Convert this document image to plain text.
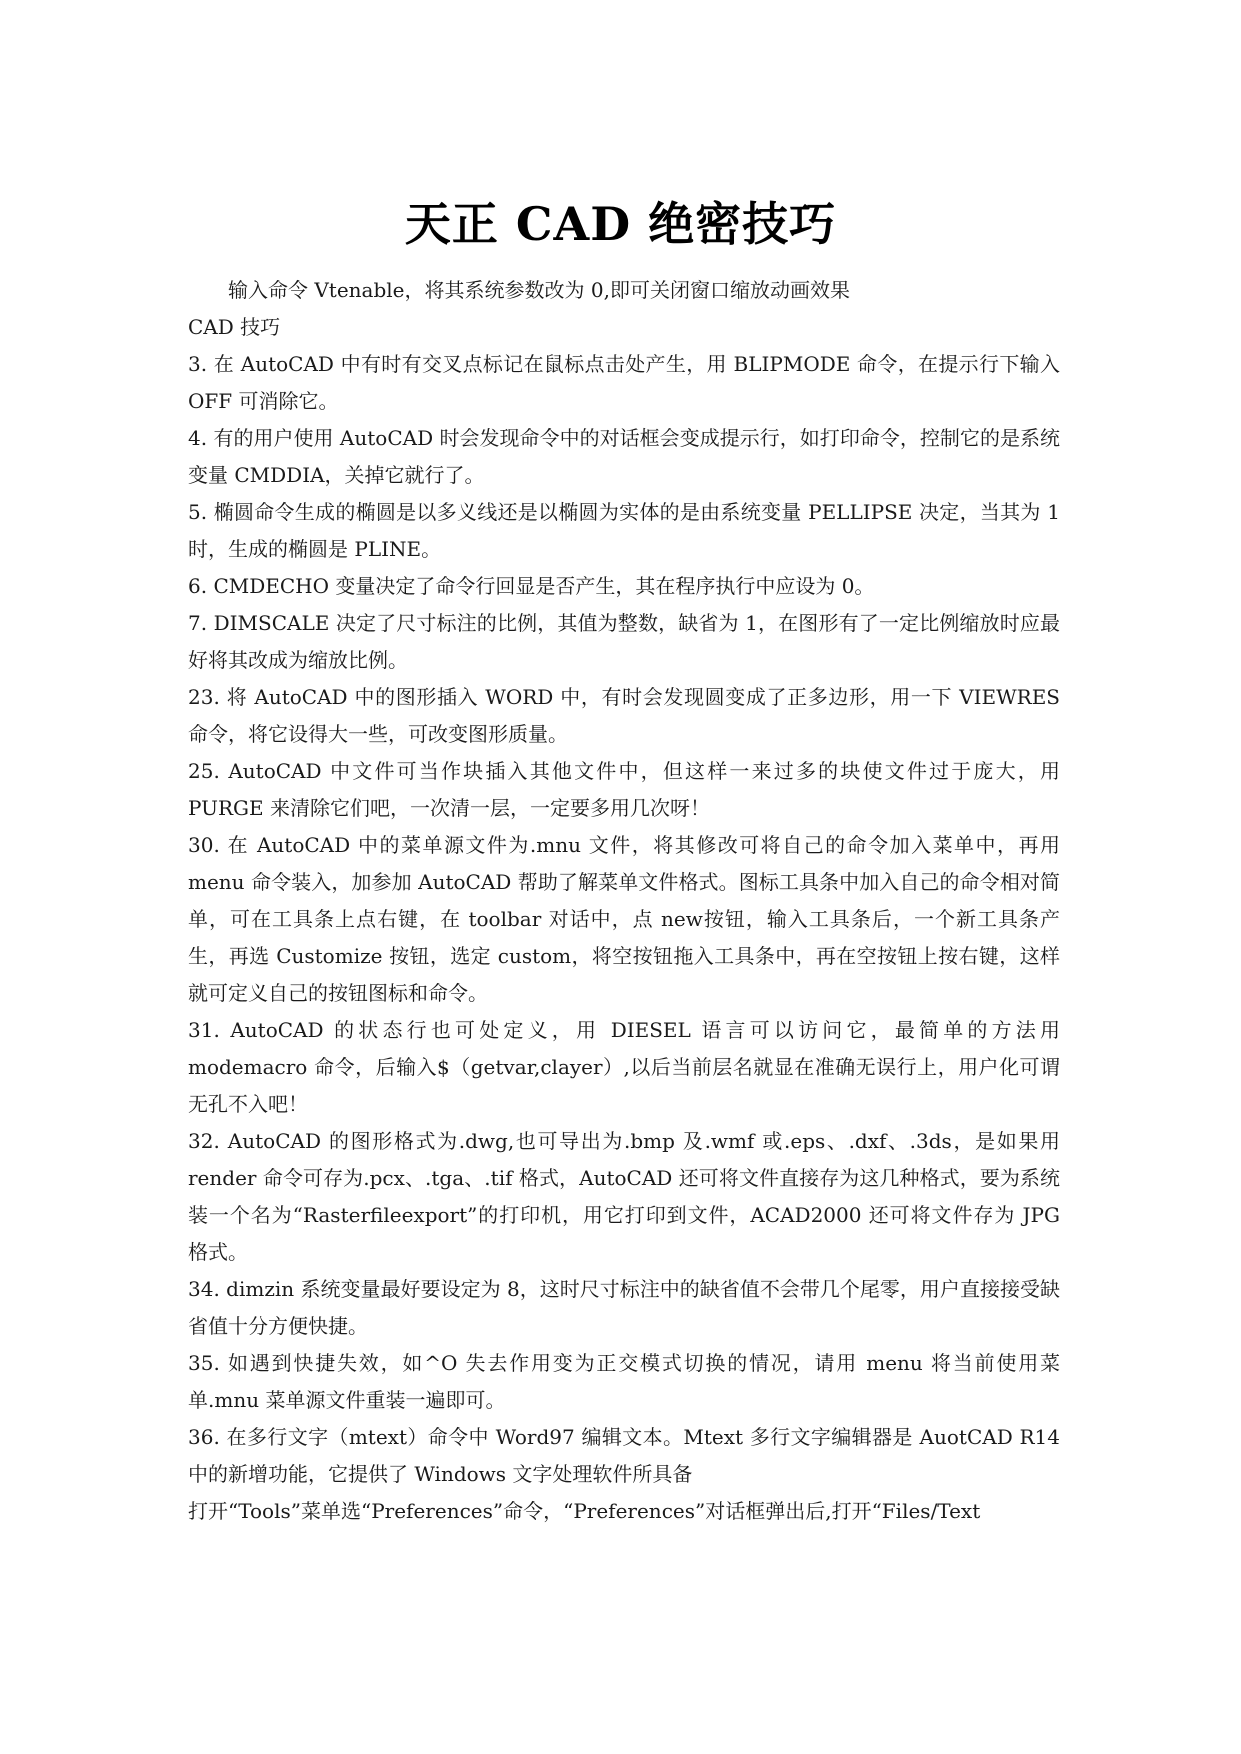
天正 CAD 绝密技巧

输入命令 Vtenable，将其系统参数改为 0,即可关闭窗口缩放动画效果

CAD 技巧

3. 在 AutoCAD 中有时有交叉点标记在鼠标点击处产生，用 BLIPMODE 命令，在提示行下输入 OFF 可消除它。

4. 有的用户使用 AutoCAD 时会发现命令中的对话框会变成提示行，如打印命令，控制它的是系统变量 CMDDIA，关掉它就行了。

5. 椭圆命令生成的椭圆是以多义线还是以椭圆为实体的是由系统变量 PELLIPSE 决定，当其为 1 时，生成的椭圆是 PLINE。

6. CMDECHO 变量决定了命令行回显是否产生，其在程序执行中应设为 0。

7. DIMSCALE 决定了尺寸标注的比例，其值为整数，缺省为 1，在图形有了一定比例缩放时应最好将其改成为缩放比例。

23. 将 AutoCAD 中的图形插入 WORD 中，有时会发现圆变成了正多边形，用一下 VIEWRES 命令，将它设得大一些，可改变图形质量。

25. AutoCAD 中文件可当作块插入其他文件中，但这样一来过多的块使文件过于庞大，用 PURGE 来清除它们吧，一次清一层，一定要多用几次呀！

30. 在 AutoCAD 中的菜单源文件为.mnu 文件，将其修改可将自己的命令加入菜单中，再用 menu 命令装入，加参加 AutoCAD 帮助了解菜单文件格式。图标工具条中加入自己的命令相对简单，可在工具条上点右键，在 toolbar 对话中，点 new按钮，输入工具条后，一个新工具条产生，再选 Customize 按钮，选定 custom，将空按钮拖入工具条中，再在空按钮上按右键，这样就可定义自己的按钮图标和命令。

31. AutoCAD 的状态行也可处定义，用 DIESEL 语言可以访问它，最简单的方法用 modemacro 命令，后输入$（getvar,clayer）,以后当前层名就显在准确无误行上，用户化可谓无孔不入吧！

32. AutoCAD 的图形格式为.dwg,也可导出为.bmp 及.wmf 或.eps、.dxf、.3ds，是如果用 render 命令可存为.pcx、.tga、.tif 格式，AutoCAD 还可将文件直接存为这几种格式，要为系统装一个名为“Rasterfileexport”的打印机，用它打印到文件，ACAD2000 还可将文件存为 JPG 格式。

34. dimzin 系统变量最好要设定为 8，这时尺寸标注中的缺省值不会带几个尾零，用户直接接受缺省值十分方便快捷。

35. 如遇到快捷失效，如^O 失去作用变为正交模式切换的情况，请用 menu 将当前使用菜单.mnu 菜单源文件重装一遍即可。

36. 在多行文字（mtext）命令中 Word97 编辑文本。Mtext 多行文字编辑器是 AuotCAD R14 中的新增功能，它提供了 Windows 文字处理软件所具备

打开“Tools”菜单选“Preferences”命令，“Preferences”对话框弹出后,打开“Files/Text
